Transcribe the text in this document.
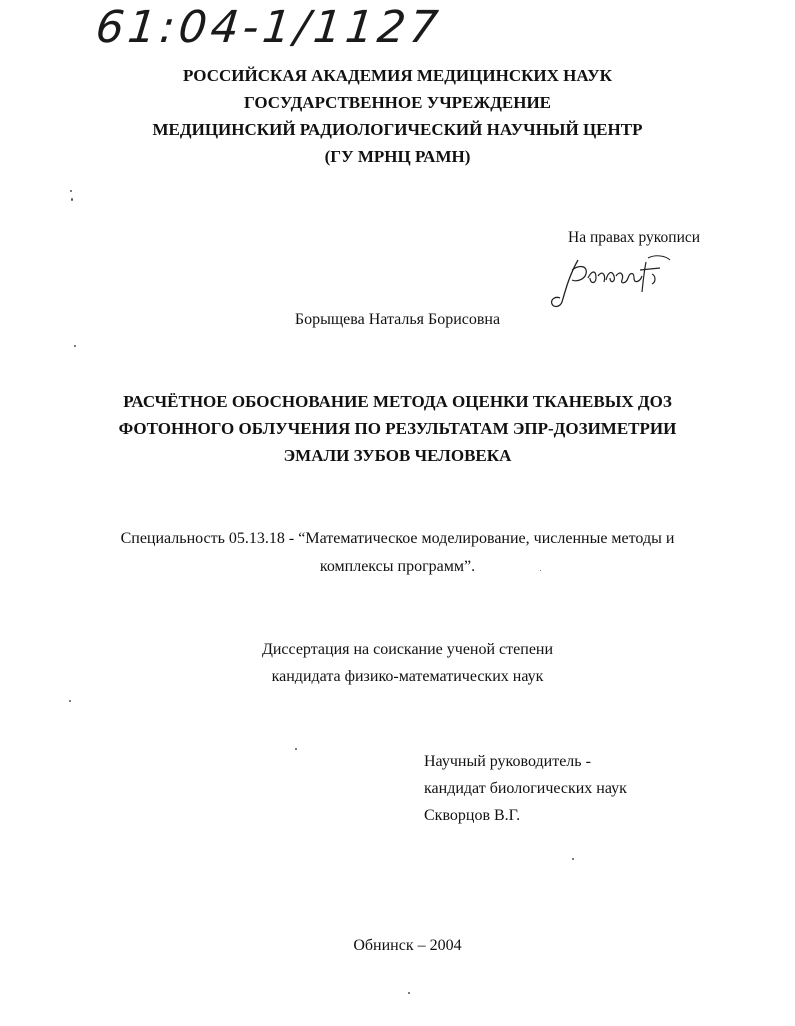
61:04-1/1127
РОССИЙСКАЯ АКАДЕМИЯ МЕДИЦИНСКИХ НАУК
ГОСУДАРСТВЕННОЕ УЧРЕЖДЕНИЕ
МЕДИЦИНСКИЙ РАДИОЛОГИЧЕСКИЙ НАУЧНЫЙ ЦЕНТР
(ГУ МРНЦ РАМН)
На правах рукописи
Борыщева Наталья Борисовна
РАСЧЁТНОЕ ОБОСНОВАНИЕ МЕТОДА ОЦЕНКИ ТКАНЕВЫХ ДОЗ
ФОТОННОГО ОБЛУЧЕНИЯ ПО РЕЗУЛЬТАТАМ ЭПР-ДОЗИМЕТРИИ
ЭМАЛИ ЗУБОВ ЧЕЛОВЕКА
Специальность 05.13.18 - “Математическое моделирование, численные методы и
комплексы программ”.
Диссертация на соискание ученой степени
кандидата физико-математических наук
Научный руководитель -
кандидат биологических наук
Скворцов В.Г.
Обнинск – 2004
